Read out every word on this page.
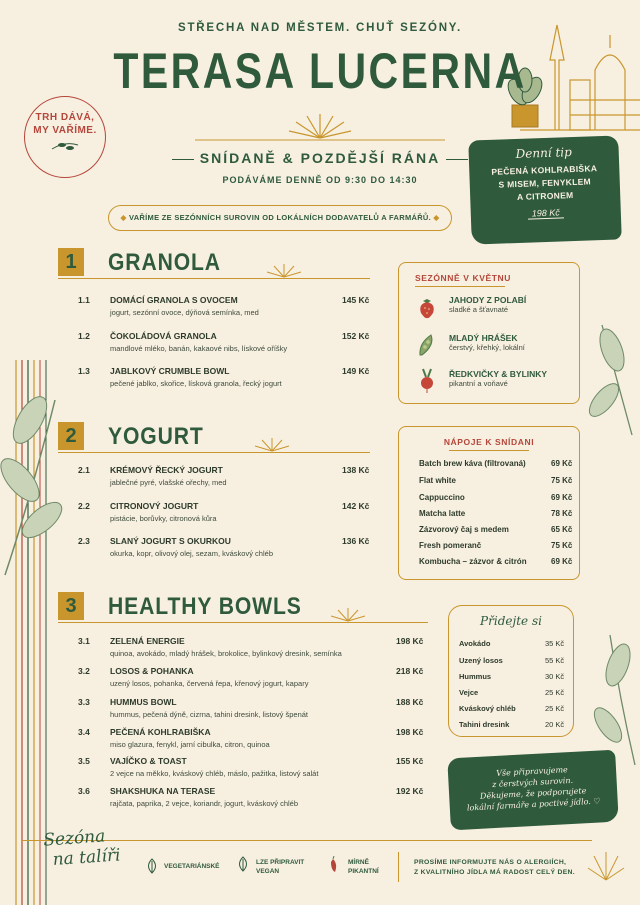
STŘECHA NAD MĚSTEM. CHUŤ SEZÓNY.
TERASA LUCERNA
SNÍDANĚ & POZDĚJŠÍ RÁNA
PODÁVÁME DENNĚ OD 9:30 DO 14:30
◆ VAŘÍME ZE SEZÓNNÍCH SUROVIN OD LOKÁLNÍCH DODAVATELŮ A FARMÁŘŮ. ◆
TRH DÁVÁ,
MY VAŘÍME.
Denní tip
PEČENÁ KOHLRABIŠKA
S MISEM, FENYKLEM
A CITRONEM
198 Kč
1	GRANOLA
1.1 DOMÁCÍ GRANOLA S OVOCEM
jogurt, sezónní ovoce, dýňová semínka, med
145 Kč
1.2 ČOKOLÁDOVÁ GRANOLA
mandlové mléko, banán, kakaové nibs, lískové oříšky
152 Kč
1.3 JABLKOVÝ CRUMBLE BOWL
pečené jablko, skořice, lísková granola, řecký jogurt
149 Kč
2	YOGURT
2.1 KRÉMOVÝ ŘECKÝ JOGURT
jablečné pyré, vlašské ořechy, med
138 Kč
2.2 CITRONOVÝ JOGURT
pistácie, borůvky, citronová kůra
142 Kč
2.3 SLANÝ JOGURT S OKURKOU
okurka, kopr, olivový olej, sezam, kváskový chléb
136 Kč
3	HEALTHY BOWLS
3.1 ZELENÁ ENERGIE
quinoa, avokádo, mladý hrášek, brokolice, bylinkový dresink, semínka
198 Kč
3.2 LOSOS & POHANKA
uzený losos, pohanka, červená řepa, křenový jogurt, kapary
218 Kč
3.3 HUMMUS BOWL
hummus, pečená dýně, cizrna, tahini dresink, listový špenát
188 Kč
3.4 PEČENÁ KOHLRABIŠKA
miso glazura, fenykl, jarní cibulka, citron, quinoa
198 Kč
3.5 VAJÍČKO & TOAST
2 vejce na měkko, kváskový chléb, máslo, pažitka, listový salát
155 Kč
3.6 SHAKSHUKA NA TERASE
rajčata, paprika, 2 vejce, koriandr, jogurt, kváskový chléb
192 Kč
SEZÓNNĚ V KVĚTNU
JAHODY Z POLABÍ
sladké a šťavnaté
MLADÝ HRÁŠEK
čerstvý, křehký, lokální
ŘEDKVIČKY & BYLINKY
pikantní a voňavé
NÁPOJE K SNÍDANI
Batch brew káva (filtrovaná)	69 Kč
Flat white	75 Kč
Cappuccino	69 Kč
Matcha latte	78 Kč
Zázvorový čaj s medem	65 Kč
Fresh pomeranč	75 Kč
Kombucha – zázvor & citrón	69 Kč
Přidejte si
Avokádo	35 Kč
Uzený losos	55 Kč
Hummus	30 Kč
Vejce	25 Kč
Kváskový chléb	25 Kč
Tahini dresink	20 Kč
Vše připravujeme
z čerstvých surovin.
Děkujeme, že podporujete
lokální farmáře a poctivé jídlo. ♡
Sezóna
na talíři	VEGETARIÁNSKÉ
LZE PŘIPRAVIT
VEGAN
MÍRNĚ
PIKANTNÍ
PROSÍME INFORMUJTE NÁS O ALERGIÍCH,
Z KVALITNÍHO JÍDLA MÁ RADOST CELÝ DEN.
